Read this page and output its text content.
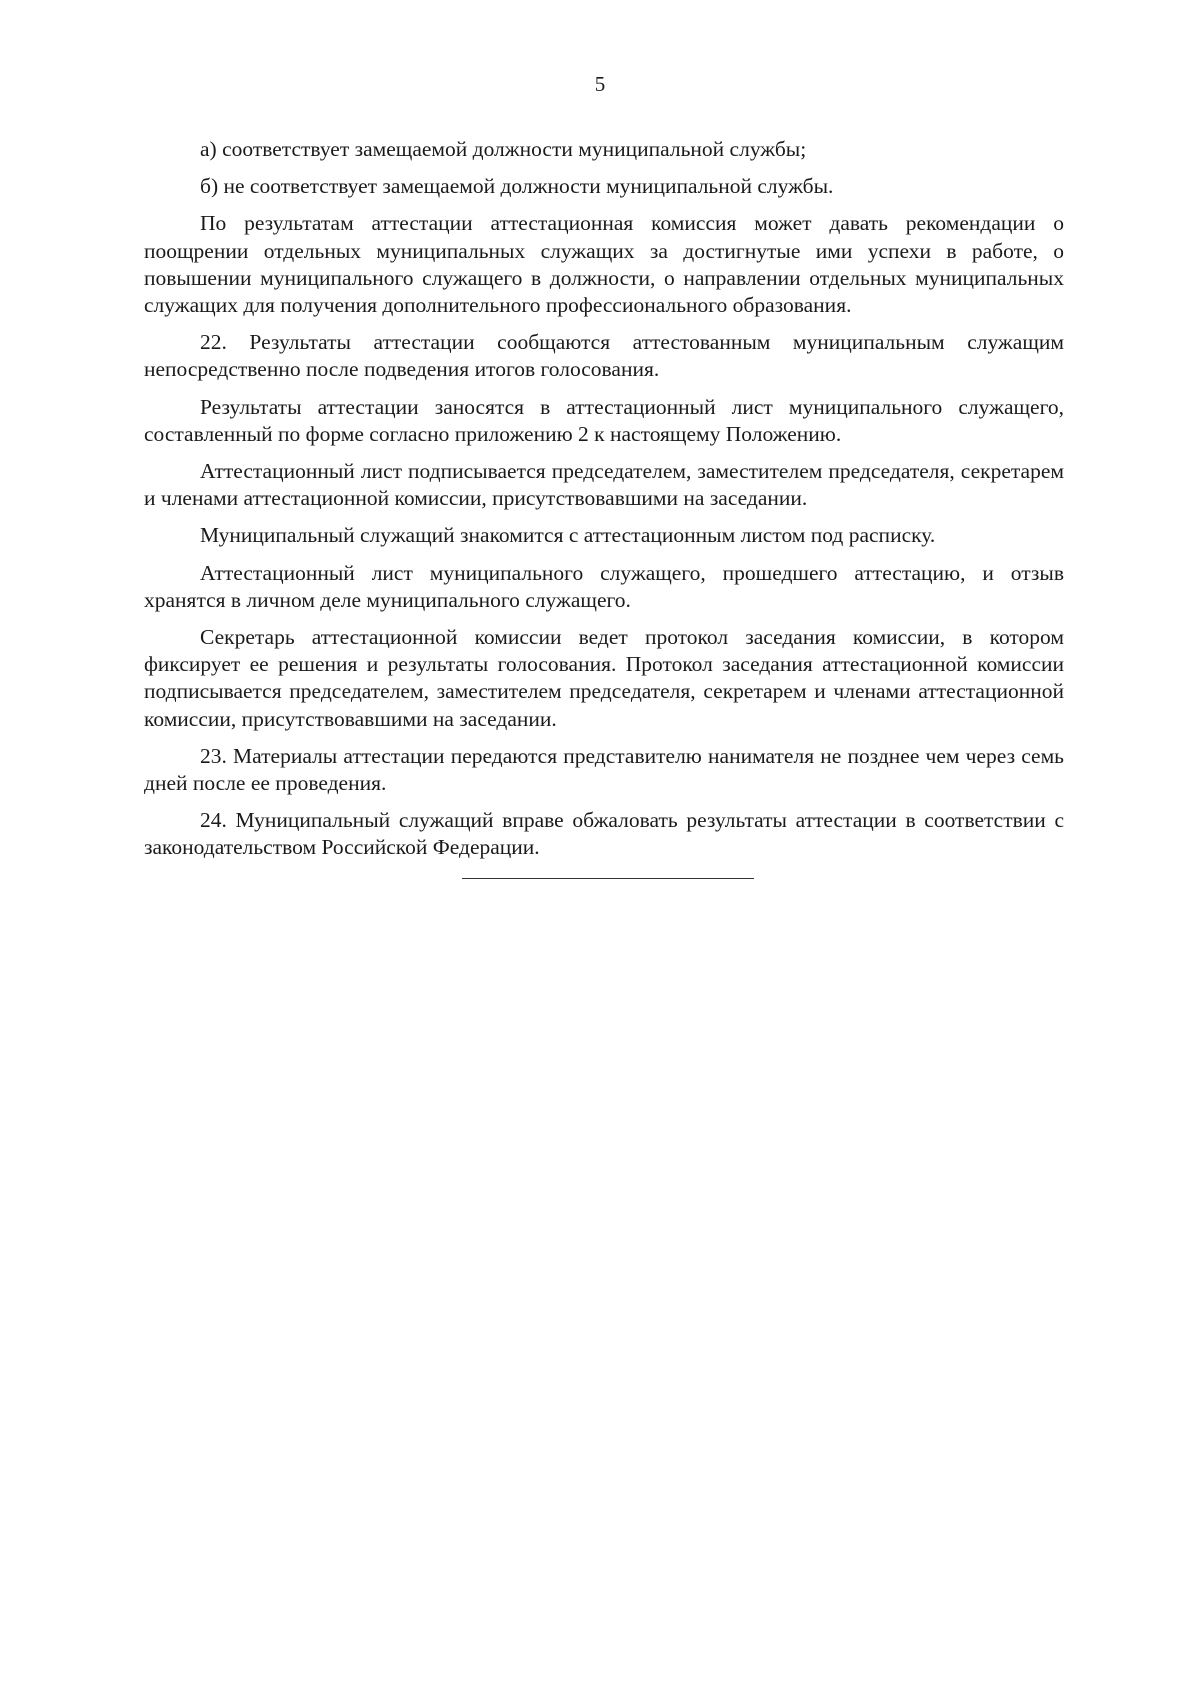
5

а) соответствует замещаемой должности муниципальной службы;

б) не соответствует замещаемой должности муниципальной службы.

По результатам аттестации аттестационная комиссия может давать рекомендации о поощрении отдельных муниципальных служащих за достигнутые ими успехи в работе, о повышении муниципального служащего в должности, о направлении отдельных муниципальных служащих для получения дополнительного профессионального образования.

22. Результаты аттестации сообщаются аттестованным муниципальным служащим непосредственно после подведения итогов голосования.

Результаты аттестации заносятся в аттестационный лист муниципального служащего, составленный по форме согласно приложению 2 к настоящему Положению.

Аттестационный лист подписывается председателем, заместителем председателя, секретарем и членами аттестационной комиссии, присутствовавшими на заседании.

Муниципальный служащий знакомится с аттестационным листом под расписку.

Аттестационный лист муниципального служащего, прошедшего аттестацию, и отзыв хранятся в личном деле муниципального служащего.

Секретарь аттестационной комиссии ведет протокол заседания комиссии, в котором фиксирует ее решения и результаты голосования. Протокол заседания аттестационной комиссии подписывается председателем, заместителем председателя, секретарем и членами аттестационной комиссии, присутствовавшими на заседании.

23. Материалы аттестации передаются представителю нанимателя не позднее чем через семь дней после ее проведения.

24. Муниципальный служащий вправе обжаловать результаты аттестации в соответствии с законодательством Российской Федерации.
